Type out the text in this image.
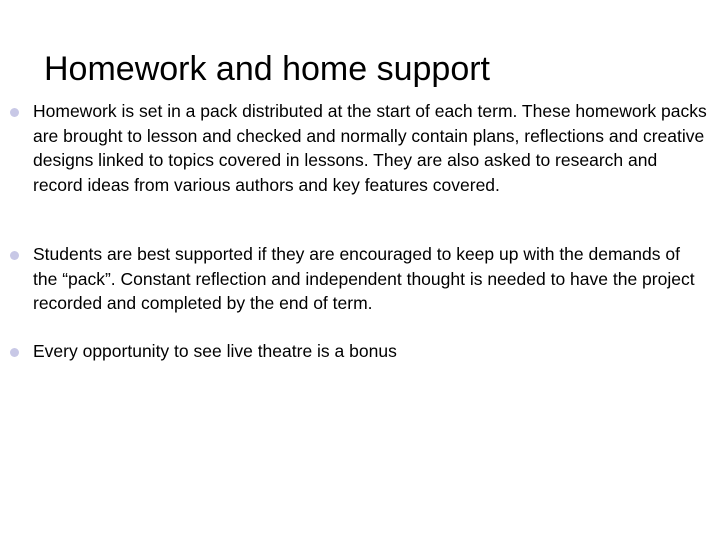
Homework and home support

Homework is set in a pack distributed at the start of each term. These homework packs are brought to lesson and checked and normally contain plans, reflections and creative designs linked to topics covered in lessons. They are also asked to research and record ideas from various authors and key features covered.

Students are best supported if they are encouraged to keep up with the demands of the “pack”. Constant reflection and independent thought is needed to have the project recorded and completed by the end of term.

Every opportunity to see live theatre is a bonus
